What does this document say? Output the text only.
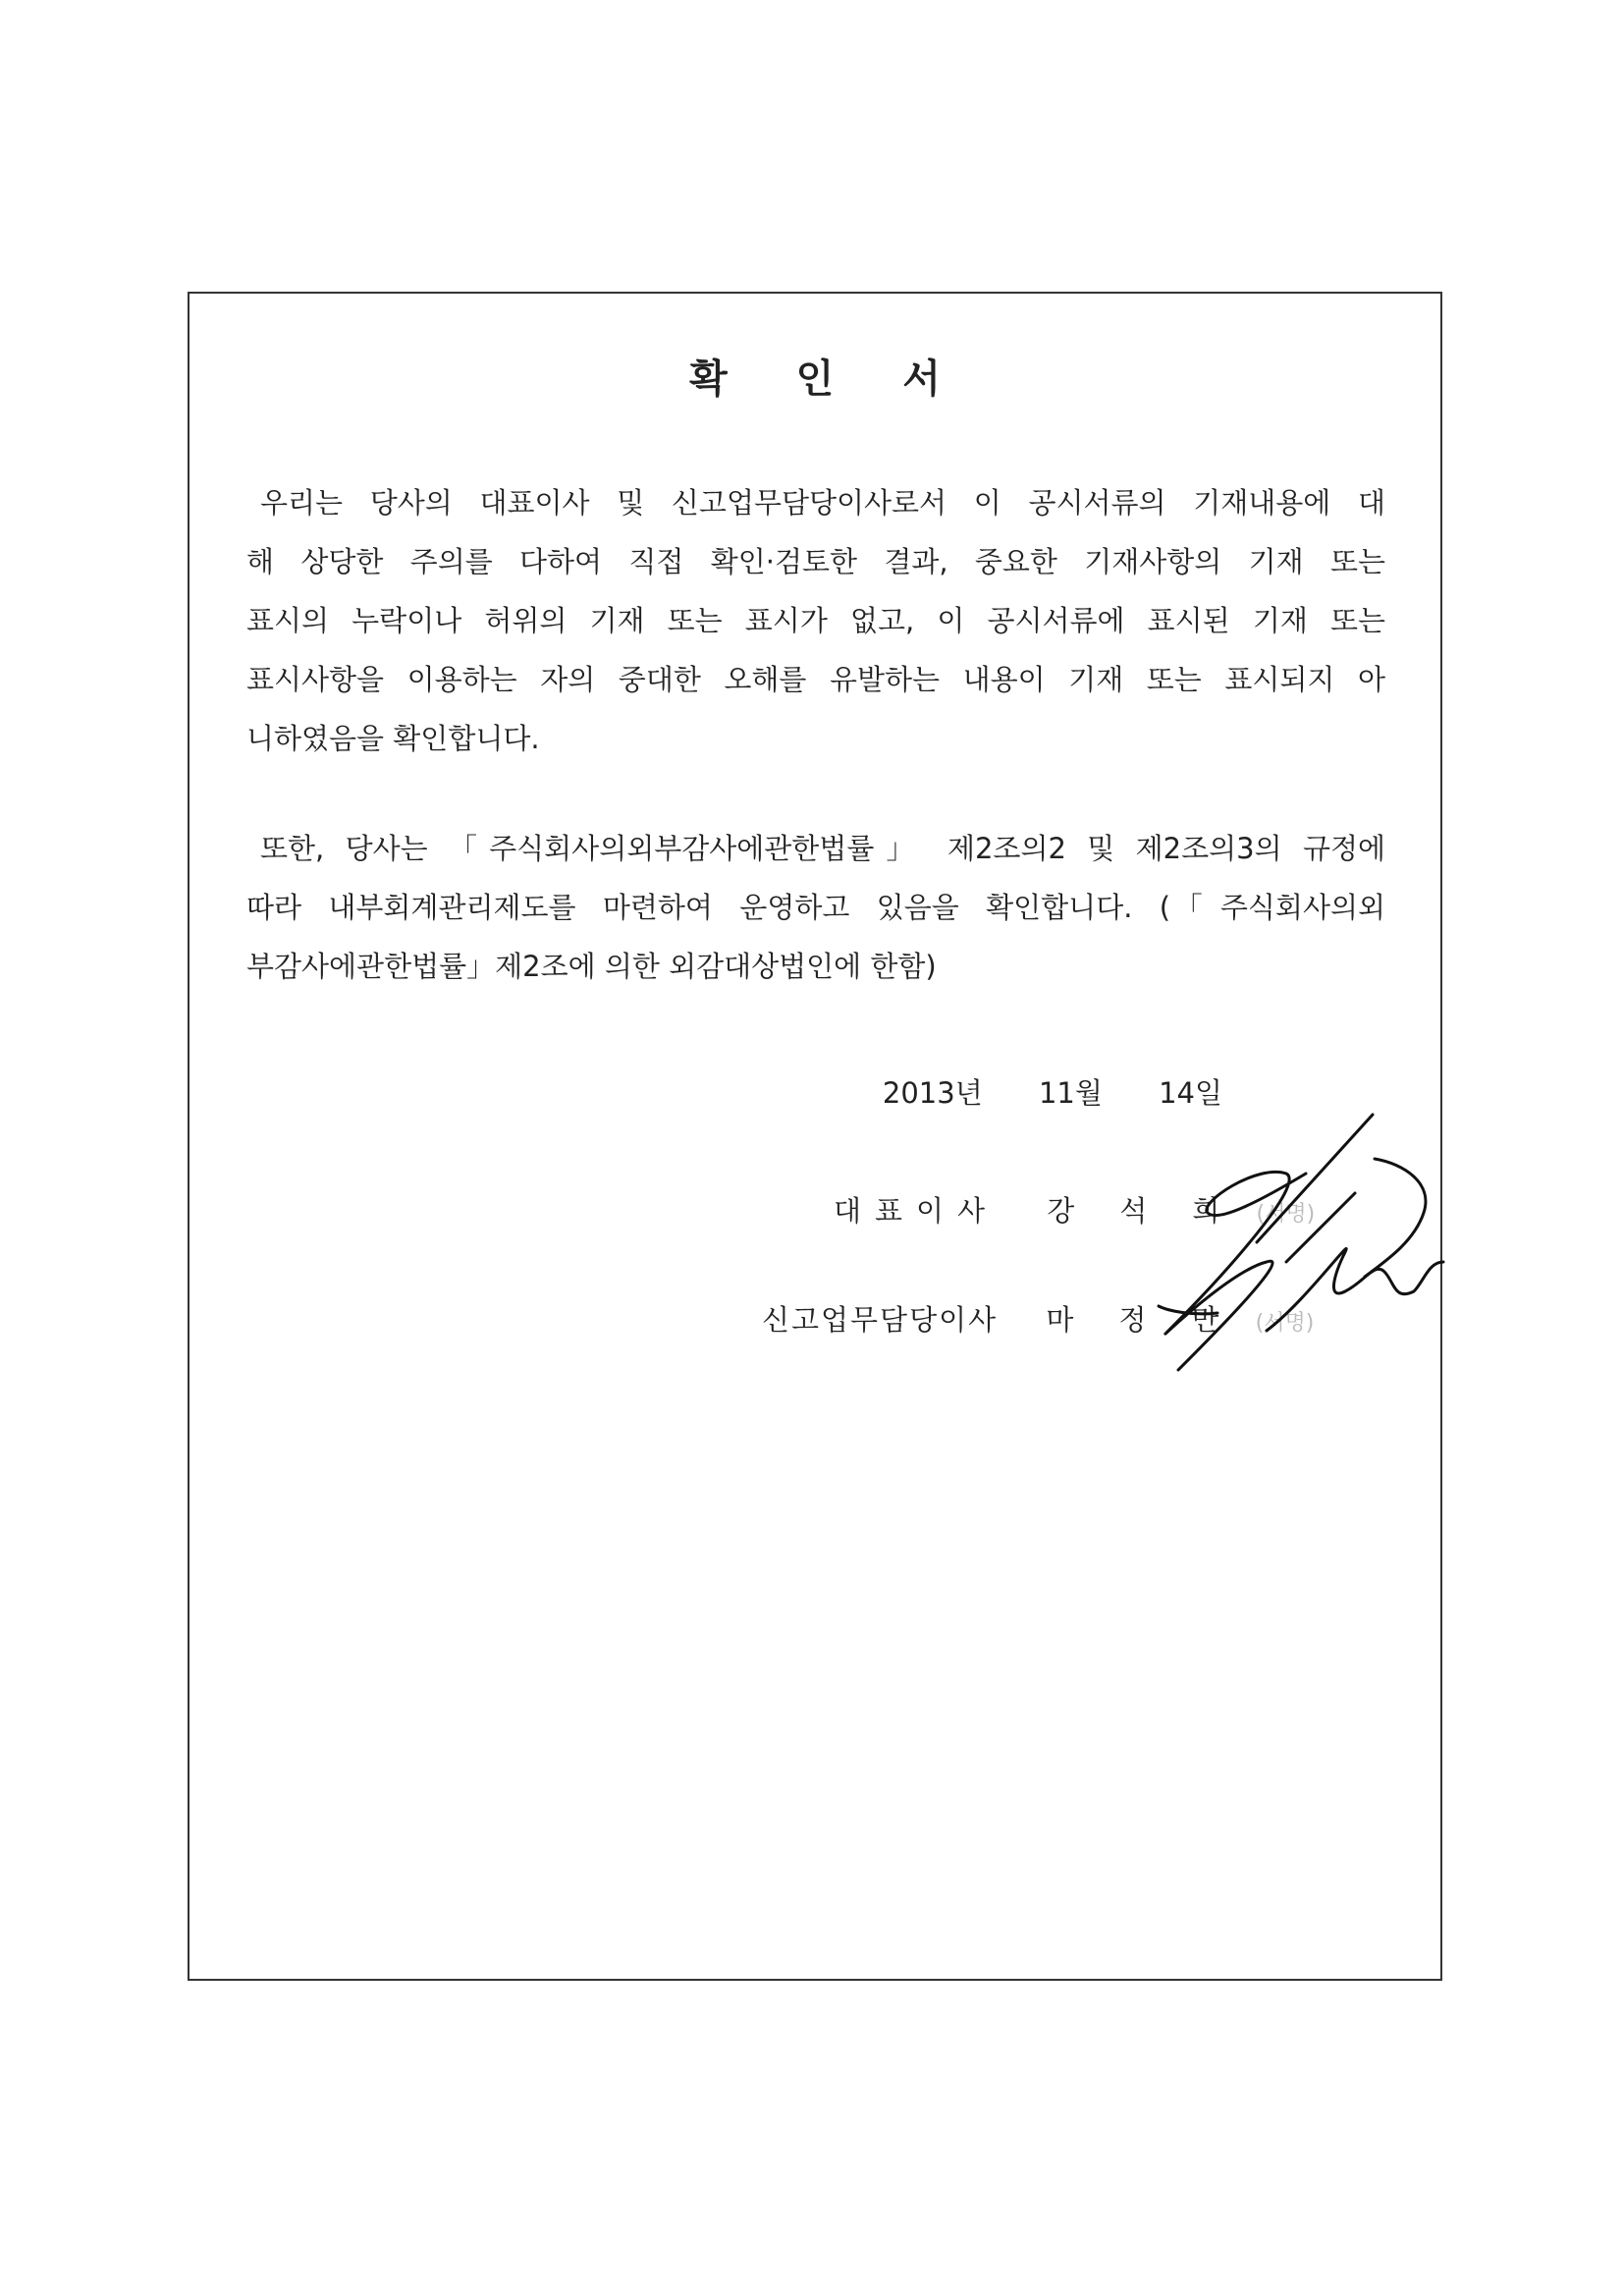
확 인 서
우리는 당사의 대표이사 및 신고업무담당이사로서 이 공시서류의 기재내용에 대
해 상당한 주의를 다하여 직접 확인·검토한 결과, 중요한 기재사항의 기재 또는
표시의 누락이나 허위의 기재 또는 표시가 없고, 이 공시서류에 표시된 기재 또는
표시사항을 이용하는 자의 중대한 오해를 유발하는 내용이 기재 또는 표시되지 아
니하였음을 확인합니다.
또한, 당사는 「주식회사의외부감사에관한법률」 제2조의2 및 제2조의3의 규정에
따라 내부회계관리제도를 마련하여 운영하고 있음을 확인합니다. (「주식회사의외
부감사에관한법률」제2조에 의한 외감대상법인에 한함)
2013년 11월 14일
대표이사 강석희 (서명)
신고업무담당이사 마정만 (서명)
